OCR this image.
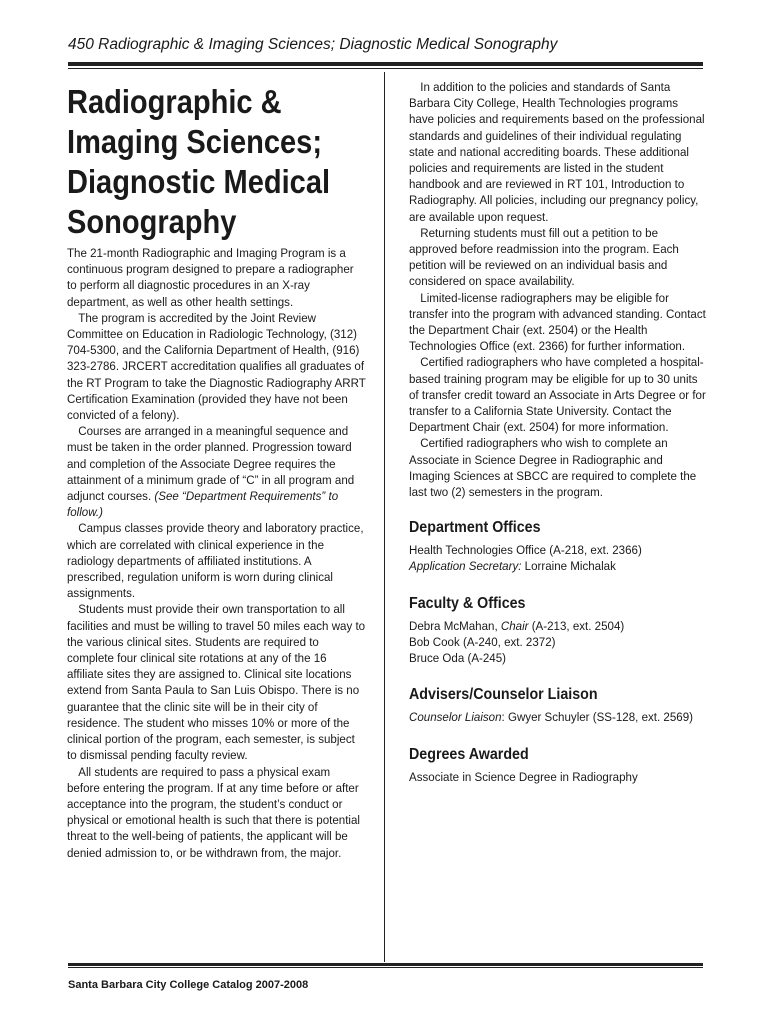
450 Radiographic & Imaging Sciences; Diagnostic Medical Sonography
Radiographic &
Imaging Sciences;
Diagnostic Medical
Sonography

The 21-month Radiographic and Imaging Program is a continuous program designed to prepare a radiographer to perform all diagnostic procedures in an X-ray department, as well as other health settings.

The program is accredited by the Joint Review Committee on Education in Radiologic Technology, (312) 704-5300, and the California Department of Health, (916) 323-2786. JRCERT accreditation qualifies all graduates of the RT Program to take the Diagnostic Radiography ARRT Certification Examination (provided they have not been convicted of a felony).

Courses are arranged in a meaningful sequence and must be taken in the order planned. Progression toward and completion of the Associate Degree requires the attainment of a minimum grade of “C” in all program and adjunct courses. (See “Department Requirements” to follow.)

Campus classes provide theory and laboratory practice, which are correlated with clinical experience in the radiology departments of affiliated institutions. A prescribed, regulation uniform is worn during clinical assignments.

Students must provide their own transportation to all facilities and must be willing to travel 50 miles each way to the various clinical sites. Students are required to complete four clinical site rotations at any of the 16 affiliate sites they are assigned to. Clinical site locations extend from Santa Paula to San Luis Obispo. There is no guarantee that the clinic site will be in their city of residence. The student who misses 10% or more of the clinical portion of the program, each semester, is subject to dismissal pending faculty review.

All students are required to pass a physical exam before entering the program. If at any time before or after acceptance into the program, the student’s conduct or physical or emotional health is such that there is potential threat to the well-being of patients, the applicant will be denied admission to, or be withdrawn from, the major.

In addition to the policies and standards of Santa Barbara City College, Health Technologies programs have policies and requirements based on the professional standards and guidelines of their individual regulating state and national accrediting boards. These additional policies and requirements are listed in the student handbook and are reviewed in RT 101, Introduction to Radiography. All policies, including our pregnancy policy, are available upon request.

Returning students must fill out a petition to be approved before readmission into the program. Each petition will be reviewed on an individual basis and considered on space availability.

Limited-license radiographers may be eligible for transfer into the program with advanced standing. Contact the Department Chair (ext. 2504) or the Health Technologies Office (ext. 2366) for further information.

Certified radiographers who have completed a hospital-based training program may be eligible for up to 30 units of transfer credit toward an Associate in Arts Degree or for transfer to a California State University. Contact the Department Chair (ext. 2504) for more information.

Certified radiographers who wish to complete an Associate in Science Degree in Radiographic and Imaging Sciences at SBCC are required to complete the last two (2) semesters in the program.

Department Offices
Health Technologies Office (A-218, ext. 2366)
Application Secretary: Lorraine Michalak
Faculty & Offices
Debra McMahan, Chair (A-213, ext. 2504)
Bob Cook (A-240, ext. 2372)
Bruce Oda (A-245)
Advisers/Counselor Liaison
Counselor Liaison: Gwyer Schuyler (SS-128, ext. 2569)
Degrees Awarded
Associate in Science Degree in Radiography
Santa Barbara City College Catalog 2007-2008
